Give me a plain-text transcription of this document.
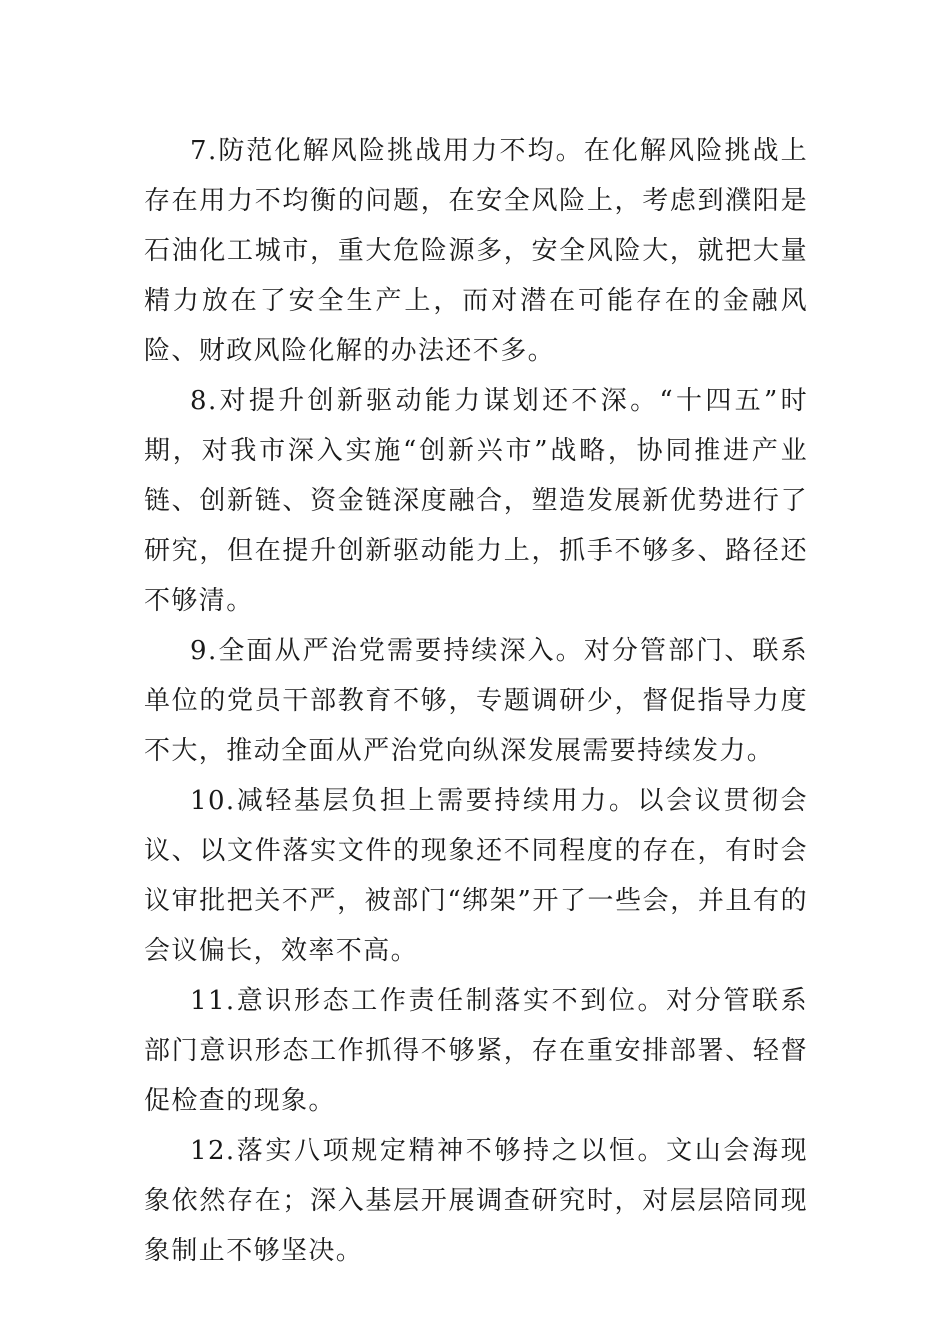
7.防范化解风险挑战用力不均。在化解风险挑战上存在用力不均衡的问题，在安全风险上，考虑到濮阳是石油化工城市，重大危险源多，安全风险大，就把大量精力放在了安全生产上，而对潜在可能存在的金融风险、财政风险化解的办法还不多。

8.对提升创新驱动能力谋划还不深。“十四五”时期，对我市深入实施“创新兴市”战略，协同推进产业链、创新链、资金链深度融合，塑造发展新优势进行了研究，但在提升创新驱动能力上，抓手不够多、路径还不够清。

9.全面从严治党需要持续深入。对分管部门、联系单位的党员干部教育不够，专题调研少，督促指导力度不大，推动全面从严治党向纵深发展需要持续发力。

10.减轻基层负担上需要持续用力。以会议贯彻会议、以文件落实文件的现象还不同程度的存在，有时会议审批把关不严，被部门“绑架”开了一些会，并且有的会议偏长，效率不高。

11.意识形态工作责任制落实不到位。对分管联系部门意识形态工作抓得不够紧，存在重安排部署、轻督促检查的现象。

12.落实八项规定精神不够持之以恒。文山会海现象依然存在；深入基层开展调查研究时，对层层陪同现象制止不够坚决。
